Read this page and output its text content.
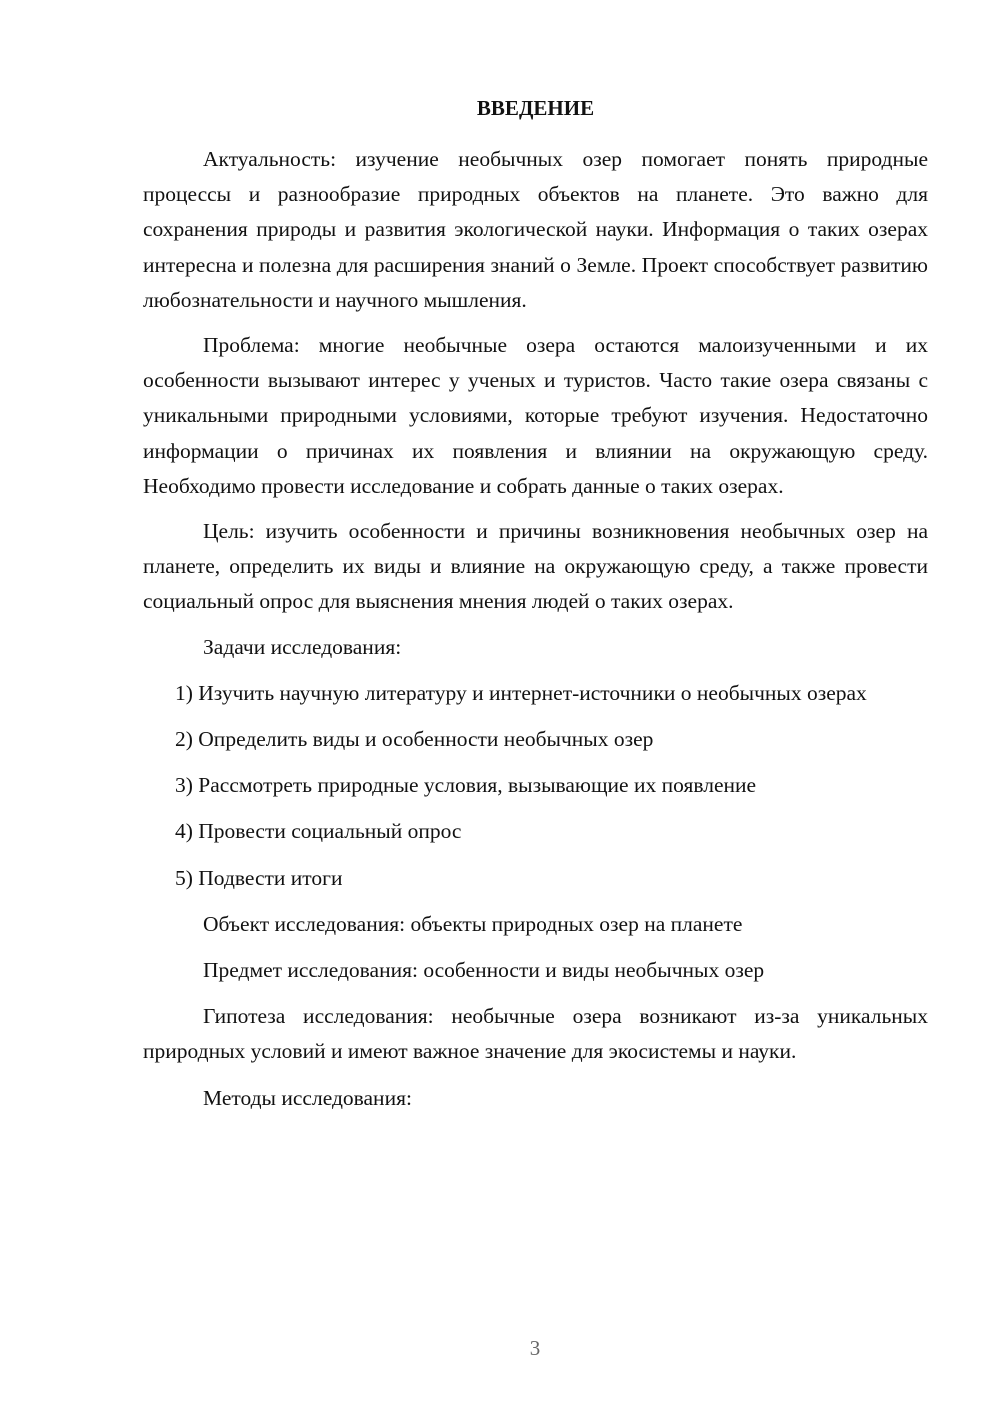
ВВЕДЕНИЕ

Актуальность: изучение необычных озер помогает понять природные процессы и разнообразие природных объектов на планете. Это важно для сохранения природы и развития экологической науки. Информация о таких озерах интересна и полезна для расширения знаний о Земле. Проект способствует развитию любознательности и научного мышления.

Проблема: многие необычные озера остаются малоизученными и их особенности вызывают интерес у ученых и туристов. Часто такие озера связаны с уникальными природными условиями, которые требуют изучения. Недостаточно информации о причинах их появления и влиянии на окружающую среду. Необходимо провести исследование и собрать данные о таких озерах.

Цель: изучить особенности и причины возникновения необычных озер на планете, определить их виды и влияние на окружающую среду, а также провести социальный опрос для выяснения мнения людей о таких озерах.

Задачи исследования:

1) Изучить научную литературу и интернет-источники о необычных озерах

2) Определить виды и особенности необычных озер

3) Рассмотреть природные условия, вызывающие их появление

4) Провести социальный опрос

5) Подвести итоги

Объект исследования: объекты природных озер на планете

Предмет исследования: особенности и виды необычных озер

Гипотеза исследования: необычные озера возникают из-за уникальных природных условий и имеют важное значение для экосистемы и науки.

Методы исследования:

3
